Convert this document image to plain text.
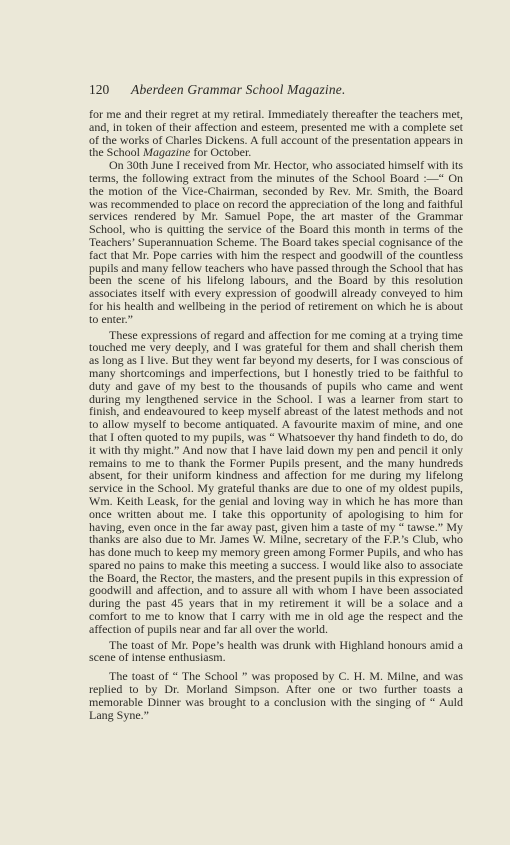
120 Aberdeen Grammar School Magazine.

for me and their regret at my retiral. Immediately thereafter the teachers met, and, in token of their affection and esteem, presented me with a complete set of the works of Charles Dickens. A full account of the presentation appears in the School Magazine for October.

On 30th June I received from Mr. Hector, who associated himself with its terms, the following extract from the minutes of the School Board :—“ On the motion of the Vice-Chairman, seconded by Rev. Mr. Smith, the Board was recommended to place on record the appreciation of the long and faithful services rendered by Mr. Samuel Pope, the art master of the Grammar School, who is quitting the service of the Board this month in terms of the Teachers’ Superannuation Scheme. The Board takes special cognisance of the fact that Mr. Pope carries with him the respect and goodwill of the countless pupils and many fellow teachers who have passed through the School that has been the scene of his lifelong labours, and the Board by this resolution associates itself with every expression of goodwill already conveyed to him for his health and wellbeing in the period of retirement on which he is about to enter.”

These expressions of regard and affection for me coming at a trying time touched me very deeply, and I was grateful for them and shall cherish them as long as I live. But they went far beyond my deserts, for I was conscious of many shortcomings and imperfections, but I honestly tried to be faithful to duty and gave of my best to the thousands of pupils who came and went during my lengthened service in the School. I was a learner from start to finish, and endeavoured to keep myself abreast of the latest methods and not to allow myself to become antiquated. A favourite maxim of mine, and one that I often quoted to my pupils, was “ Whatsoever thy hand findeth to do, do it with thy might.” And now that I have laid down my pen and pencil it only remains to me to thank the Former Pupils present, and the many hundreds absent, for their uniform kindness and affection for me during my lifelong service in the School. My grateful thanks are due to one of my oldest pupils, Wm. Keith Leask, for the genial and loving way in which he has more than once written about me. I take this opportunity of apologising to him for having, even once in the far away past, given him a taste of my “ tawse.” My thanks are also due to Mr. James W. Milne, secretary of the F.P.’s Club, who has done much to keep my memory green among Former Pupils, and who has spared no pains to make this meeting a success. I would like also to associate the Board, the Rector, the masters, and the present pupils in this expression of goodwill and affection, and to assure all with whom I have been associated during the past 45 years that in my retirement it will be a solace and a comfort to me to know that I carry with me in old age the respect and the affection of pupils near and far all over the world.

The toast of Mr. Pope’s health was drunk with Highland honours amid a scene of intense enthusiasm.

The toast of “ The School ” was proposed by C. H. M. Milne, and was replied to by Dr. Morland Simpson. After one or two further toasts a memorable Dinner was brought to a conclusion with the singing of “ Auld Lang Syne.”
